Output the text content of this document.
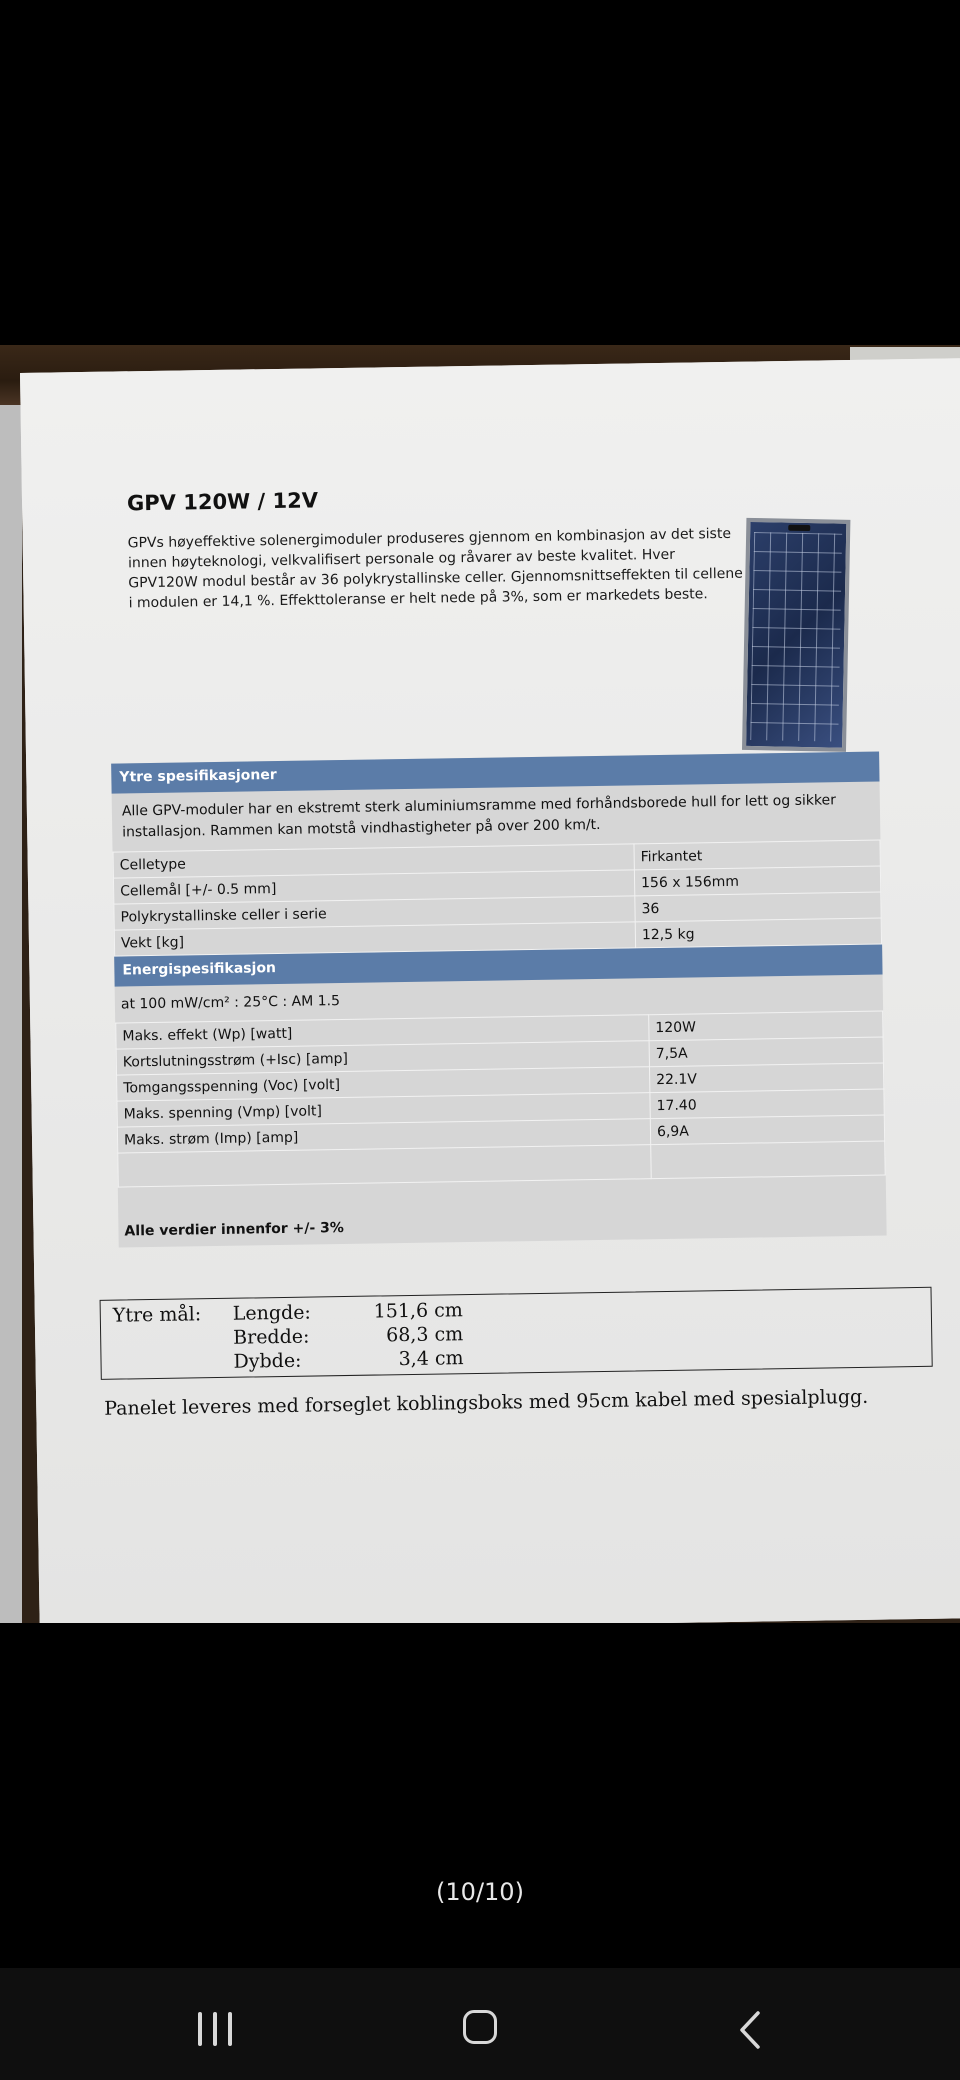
GPV 120W / 12V
GPVs høyeffektive solenergimoduler produseres gjennom en kombinasjon av det siste
innen høyteknologi, velkvalifisert personale og råvarer av beste kvalitet. Hver
GPV120W modul består av 36 polykrystallinske celler. Gjennomsnittseffekten til cellene
i modulen er 14,1 %. Effekttoleranse er helt nede på 3%, som er markedets beste.
Ytre spesifikasjoner
Alle GPV-moduler har en ekstremt sterk aluminiumsramme med forhåndsborede hull for lett og sikker
installasjon. Rammen kan motstå vindhastigheter på over 200 km/t.
Celletype	Firkantet
Cellemål [+/- 0.5 mm]	156 x 156mm
Polykrystallinske celler i serie	36
Vekt [kg]	12,5 kg
Energispesifikasjon
at 100 mW/cm² : 25°C : AM 1.5
Maks. effekt (Wp) [watt]	120W
Kortslutningsstrøm (+Isc) [amp]	7,5A
Tomgangsspenning (Voc) [volt]	22.1V
Maks. spenning (Vmp) [volt]	17.40
Maks. strøm (Imp) [amp]	6,9A

Alle verdier innenfor +/- 3%
Ytre mål: Lengde:	151,6 cm
Bredde:	68,3 cm
Dybde:	3,4 cm
Panelet leveres med forseglet koblingsboks med 95cm kabel med spesialplugg.
(10/10)
